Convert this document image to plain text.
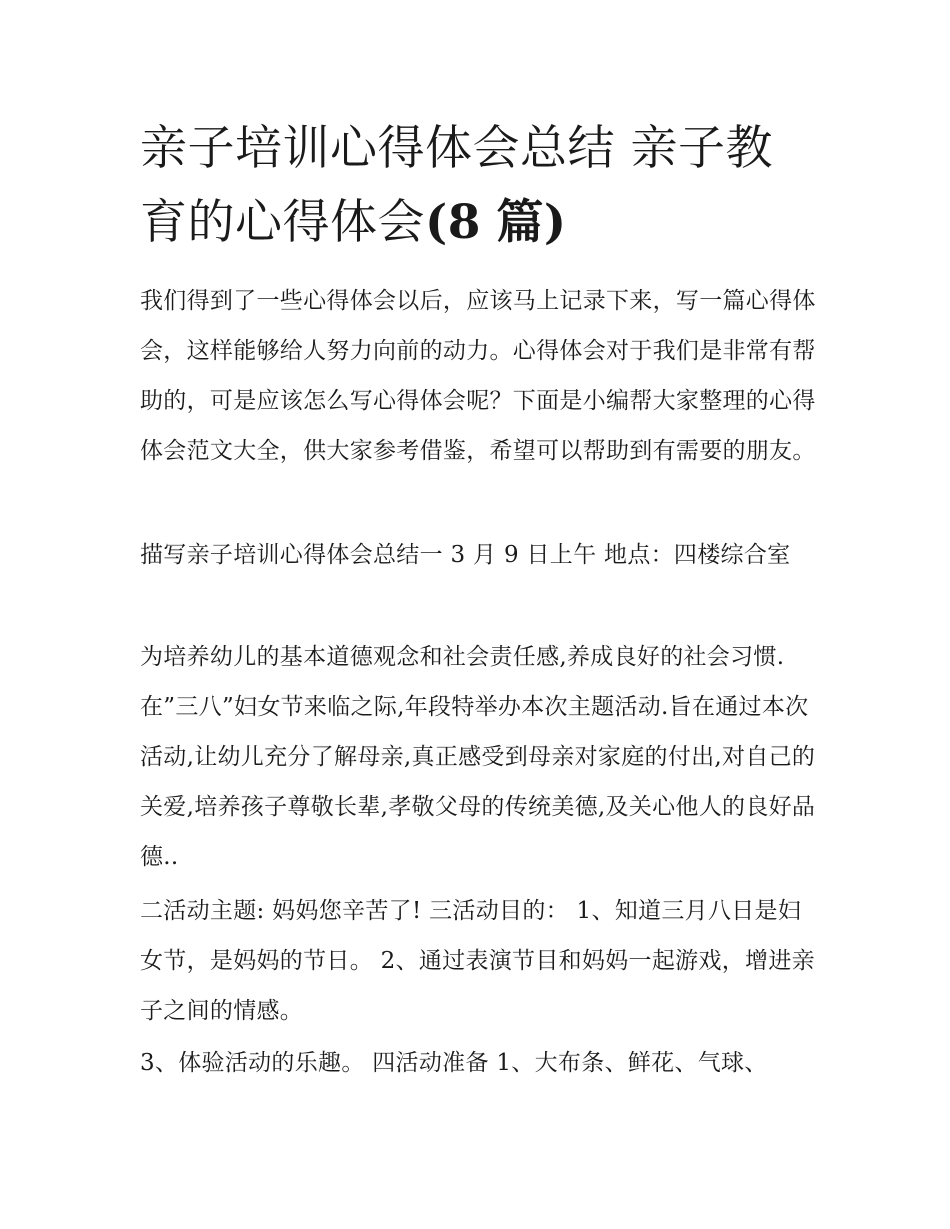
亲子培训心得体会总结 亲子教
育的心得体会(8 篇)

我们得到了一些心得体会以后，应该马上记录下来，写一篇心得体会，这样能够给人努力向前的动力。心得体会对于我们是非常有帮助的，可是应该怎么写心得体会呢？下面是小编帮大家整理的心得体会范文大全，供大家参考借鉴，希望可以帮助到有需要的朋友。

描写亲子培训心得体会总结一 3 月 9 日上午 地点：四楼综合室

为培养幼儿的基本道德观念和社会责任感,养成良好的社会习惯.在”三八”妇女节来临之际,年段特举办本次主题活动.旨在通过本次活动,让幼儿充分了解母亲,真正感受到母亲对家庭的付出,对自己的关爱,培养孩子尊敬长辈,孝敬父母的传统美德,及关心他人的良好品德..

二活动主题: 妈妈您辛苦了! 三活动目的： 1、知道三月八日是妇女节，是妈妈的节日。 2、通过表演节目和妈妈一起游戏，增进亲子之间的情感。

3、体验活动的乐趣。 四活动准备 1、大布条、鲜花、气球、
